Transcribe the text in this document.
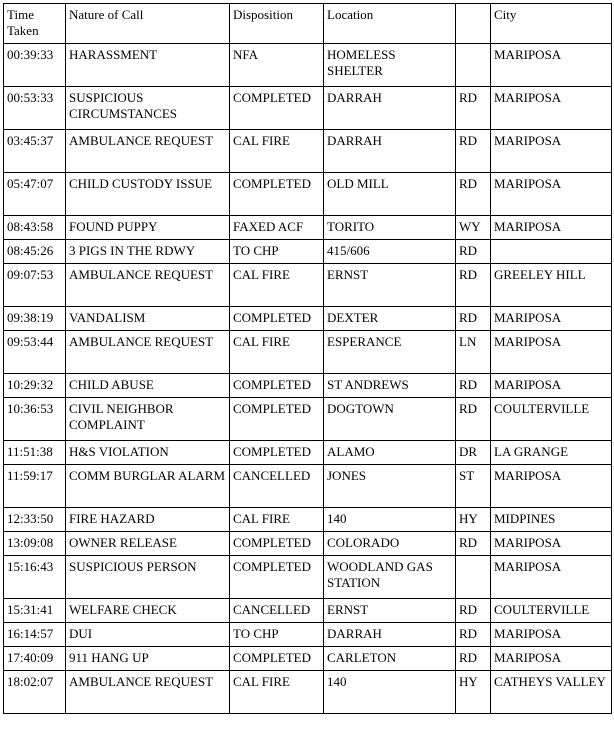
Time Taken	Nature of Call	Disposition	Location		City
00:39:33	HARASSMENT	NFA	HOMELESS SHELTER		MARIPOSA
00:53:33	SUSPICIOUS CIRCUMSTANCES	COMPLETED	DARRAH	RD	MARIPOSA
03:45:37	AMBULANCE REQUEST	CAL FIRE	DARRAH	RD	MARIPOSA
05:47:07	CHILD CUSTODY ISSUE	COMPLETED	OLD MILL	RD	MARIPOSA
08:43:58	FOUND PUPPY	FAXED ACF	TORITO	WY	MARIPOSA
08:45:26	3 PIGS IN THE RDWY	TO CHP	415/606	RD	
09:07:53	AMBULANCE REQUEST	CAL FIRE	ERNST	RD	GREELEY HILL
09:38:19	VANDALISM	COMPLETED	DEXTER	RD	MARIPOSA
09:53:44	AMBULANCE REQUEST	CAL FIRE	ESPERANCE	LN	MARIPOSA
10:29:32	CHILD ABUSE	COMPLETED	ST ANDREWS	RD	MARIPOSA
10:36:53	CIVIL NEIGHBOR COMPLAINT	COMPLETED	DOGTOWN	RD	COULTERVILLE
11:51:38	H&S VIOLATION	COMPLETED	ALAMO	DR	LA GRANGE
11:59:17	COMM BURGLAR ALARM	CANCELLED	JONES	ST	MARIPOSA
12:33:50	FIRE HAZARD	CAL FIRE	140	HY	MIDPINES
13:09:08	OWNER RELEASE	COMPLETED	COLORADO	RD	MARIPOSA
15:16:43	SUSPICIOUS PERSON	COMPLETED	WOODLAND GAS STATION		MARIPOSA
15:31:41	WELFARE CHECK	CANCELLED	ERNST	RD	COULTERVILLE
16:14:57	DUI	TO CHP	DARRAH	RD	MARIPOSA
17:40:09	911 HANG UP	COMPLETED	CARLETON	RD	MARIPOSA
18:02:07	AMBULANCE REQUEST	CAL FIRE	140	HY	CATHEYS VALLEY
